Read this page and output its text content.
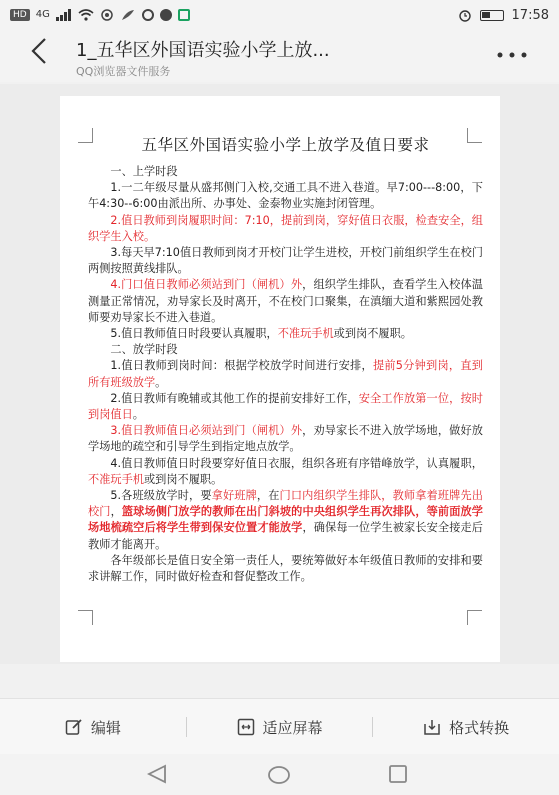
HD 4G	17:58
1_五华区外国语实验小学上放...
QQ浏览器文件服务
五华区外国语实验小学上放学及值日要求

一、上学时段

1.一二年级尽量从盛邦侧门入校,交通工具不进入巷道。早7:00---8:00，下午4:30--6:00由派出所、办事处、金泰物业实施封闭管理。

2.值日教师到岗履职时间：7:10，提前到岗，穿好值日衣服，检查安全，组织学生入校。

3.每天早7:10值日教师到岗才开校门让学生进校，开校门前组织学生在校门两侧按照黄线排队。

4.门口值日教师必须站到门（闸机）外，组织学生排队，查看学生入校体温测量正常情况，劝导家长及时离开，不在校门口聚集，在滇缅大道和紫熙园处教师要劝导家长不进入巷道。

5.值日教师值日时段要认真履职，不准玩手机或到岗不履职。

二、放学时段

1.值日教师到岗时间：根据学校放学时间进行安排，提前5分钟到岗，直到所有班级放学。

2.值日教师有晚辅或其他工作的提前安排好工作，安全工作放第一位，按时到岗值日。

3.值日教师值日必须站到门（闸机）外，劝导家长不进入放学场地，做好放学场地的疏空和引导学生到指定地点放学。

4.值日教师值日时段要穿好值日衣服，组织各班有序错峰放学，认真履职，不准玩手机或到岗不履职。

5.各班级放学时，要拿好班牌，在门口内组织学生排队，教师拿着班牌先出校门，篮球场侧门放学的教师在出门斜坡的中央组织学生再次排队，等前面放学场地梳疏空后将学生带到保安位置才能放学，确保每一位学生被家长安全接走后教师才能离开。

各年级部长是值日安全第一责任人，要统筹做好本年级值日教师的安排和要求讲解工作，同时做好检查和督促整改工作。

编辑	适应屏幕	格式转换
